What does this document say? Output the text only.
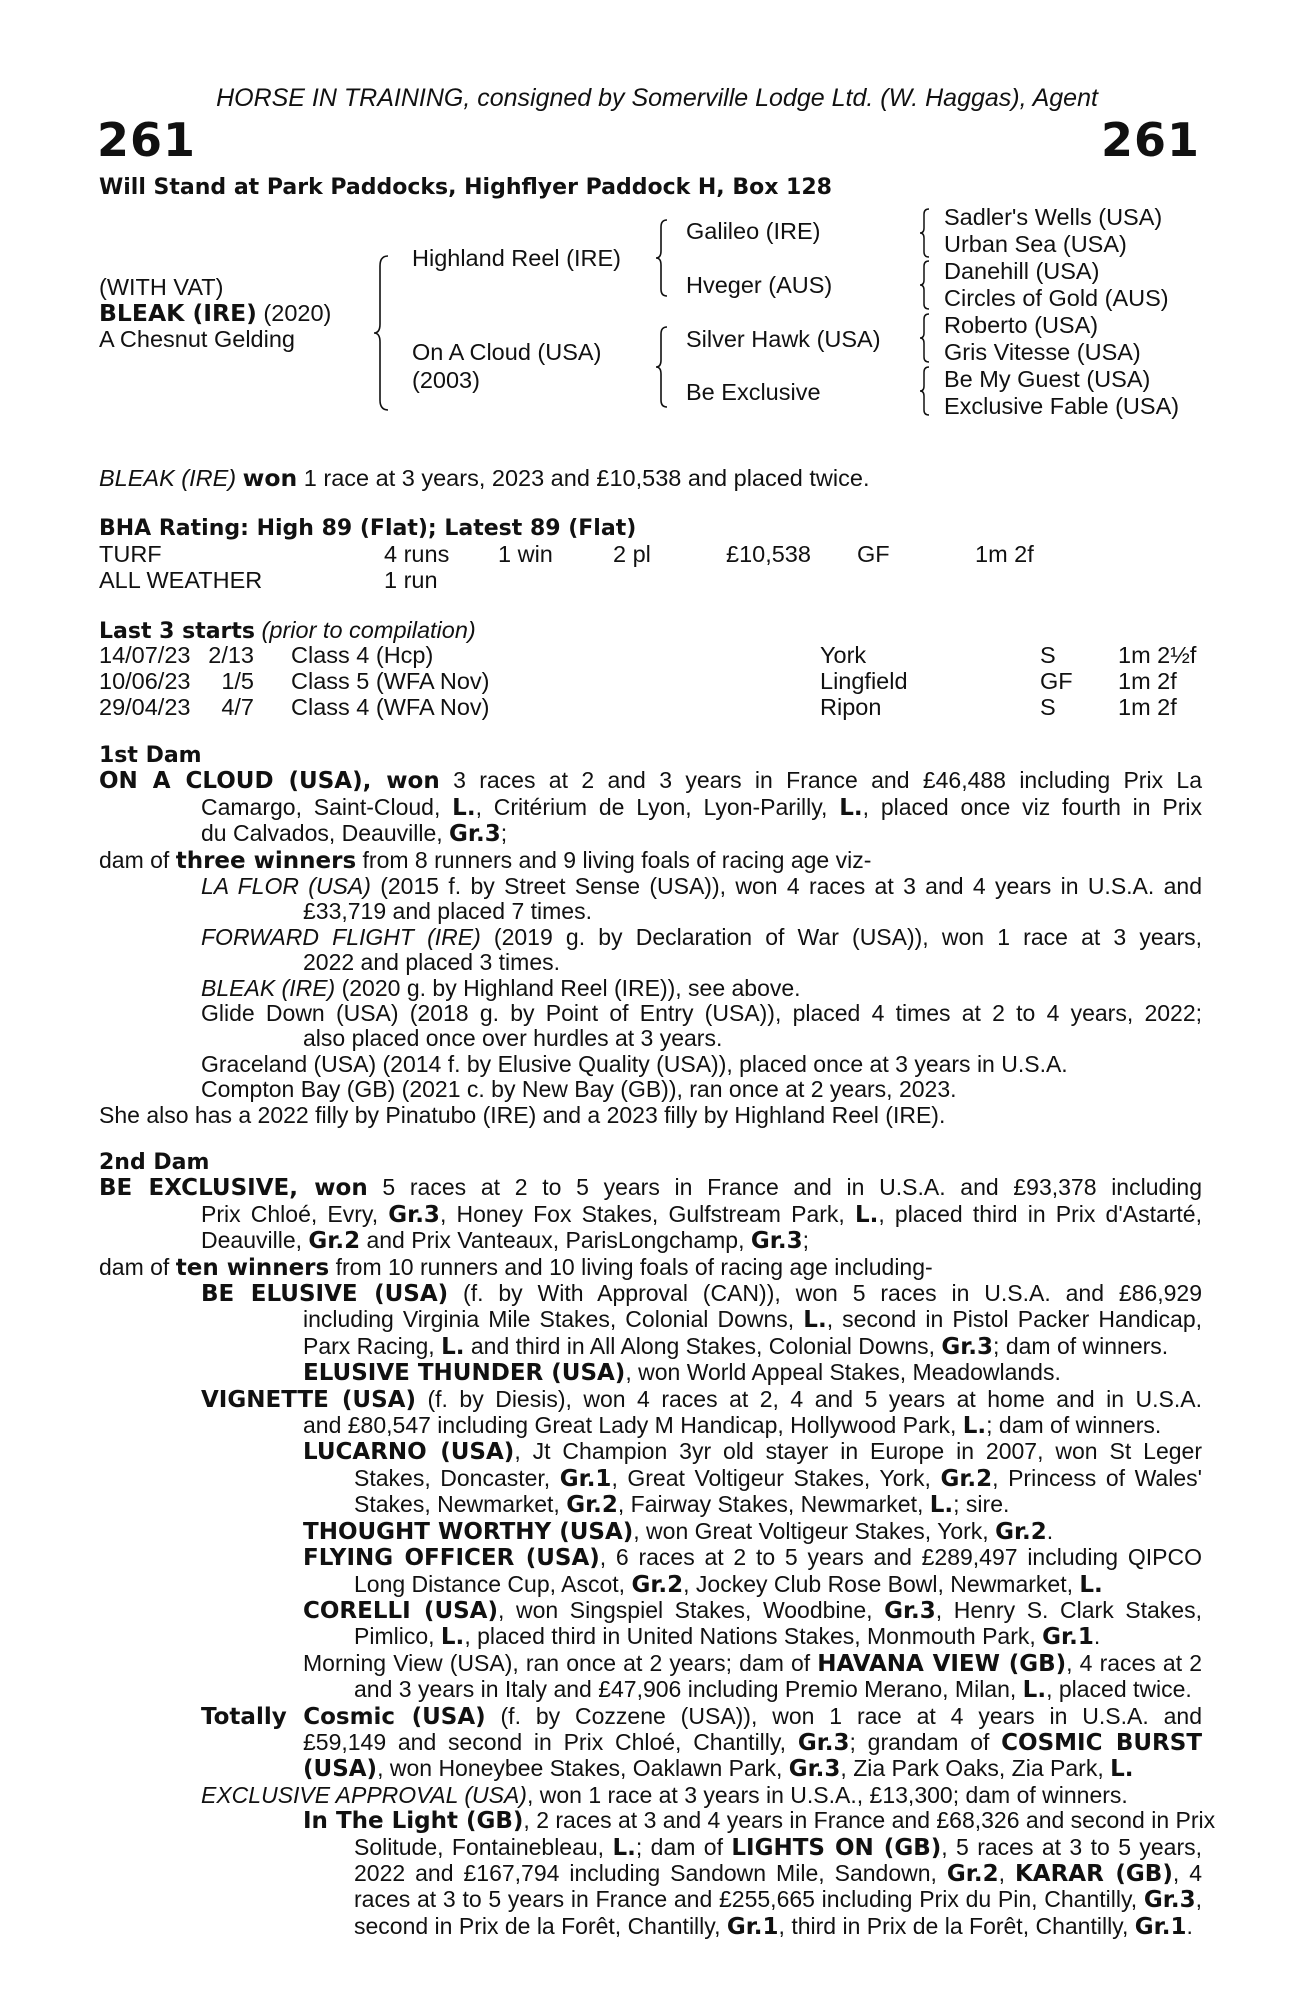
HORSE IN TRAINING, consigned by Somerville Lodge Ltd. (W. Haggas), Agent
261	261
Will Stand at Park Paddocks, Highflyer Paddock H, Box 128
(WITH VAT)
BLEAK (IRE) (2020)
A Chesnut Gelding
Highland Reel (IRE)
On A Cloud (USA)
(2003)
Galileo (IRE)
Hveger (AUS)
Silver Hawk (USA)
Be Exclusive
Sadler's Wells (USA)
Urban Sea (USA)
Danehill (USA)
Circles of Gold (AUS)
Roberto (USA)
Gris Vitesse (USA)
Be My Guest (USA)
Exclusive Fable (USA)
BLEAK (IRE) won 1 race at 3 years, 2023 and £10,538 and placed twice.
BHA Rating: High 89 (Flat); Latest 89 (Flat)
TURF	4 runs 1 win	2 pl	£10,538 GF	1m 2f
ALL WEATHER	1 run
Last 3 starts (prior to compilation)
14/07/23 2/13 Class 4 (Hcp)	York	S	1m 2½f
10/06/23 1/5 Class 5 (WFA Nov)	Lingfield	GF 1m 2f
29/04/23 4/7 Class 4 (WFA Nov)	Ripon	S	1m 2f
1st Dam
ON A CLOUD (USA), won 3 races at 2 and 3 years in France and £46,488 including Prix La
Camargo, Saint-Cloud, L., Critérium de Lyon, Lyon-Parilly, L., placed once viz fourth in Prix
du Calvados, Deauville, Gr.3;
dam of three winners from 8 runners and 9 living foals of racing age viz-
LA FLOR (USA) (2015 f. by Street Sense (USA)), won 4 races at 3 and 4 years in U.S.A. and
£33,719 and placed 7 times.
FORWARD FLIGHT (IRE) (2019 g. by Declaration of War (USA)), won 1 race at 3 years,
2022 and placed 3 times.
BLEAK (IRE) (2020 g. by Highland Reel (IRE)), see above.
Glide Down (USA) (2018 g. by Point of Entry (USA)), placed 4 times at 2 to 4 years, 2022;
also placed once over hurdles at 3 years.
Graceland (USA) (2014 f. by Elusive Quality (USA)), placed once at 3 years in U.S.A.
Compton Bay (GB) (2021 c. by New Bay (GB)), ran once at 2 years, 2023.
She also has a 2022 filly by Pinatubo (IRE) and a 2023 filly by Highland Reel (IRE).
2nd Dam
BE EXCLUSIVE, won 5 races at 2 to 5 years in France and in U.S.A. and £93,378 including
Prix Chloé, Evry, Gr.3, Honey Fox Stakes, Gulfstream Park, L., placed third in Prix d'Astarté,
Deauville, Gr.2 and Prix Vanteaux, ParisLongchamp, Gr.3;
dam of ten winners from 10 runners and 10 living foals of racing age including-
BE ELUSIVE (USA) (f. by With Approval (CAN)), won 5 races in U.S.A. and £86,929
including Virginia Mile Stakes, Colonial Downs, L., second in Pistol Packer Handicap,
Parx Racing, L. and third in All Along Stakes, Colonial Downs, Gr.3; dam of winners.
ELUSIVE THUNDER (USA), won World Appeal Stakes, Meadowlands.
VIGNETTE (USA) (f. by Diesis), won 4 races at 2, 4 and 5 years at home and in U.S.A.
and £80,547 including Great Lady M Handicap, Hollywood Park, L.; dam of winners.
LUCARNO (USA), Jt Champion 3yr old stayer in Europe in 2007, won St Leger
Stakes, Doncaster, Gr.1, Great Voltigeur Stakes, York, Gr.2, Princess of Wales'
Stakes, Newmarket, Gr.2, Fairway Stakes, Newmarket, L.; sire.
THOUGHT WORTHY (USA), won Great Voltigeur Stakes, York, Gr.2.
FLYING OFFICER (USA), 6 races at 2 to 5 years and £289,497 including QIPCO
Long Distance Cup, Ascot, Gr.2, Jockey Club Rose Bowl, Newmarket, L.
CORELLI (USA), won Singspiel Stakes, Woodbine, Gr.3, Henry S. Clark Stakes,
Pimlico, L., placed third in United Nations Stakes, Monmouth Park, Gr.1.
Morning View (USA), ran once at 2 years; dam of HAVANA VIEW (GB), 4 races at 2
and 3 years in Italy and £47,906 including Premio Merano, Milan, L., placed twice.
Totally Cosmic (USA) (f. by Cozzene (USA)), won 1 race at 4 years in U.S.A. and
£59,149 and second in Prix Chloé, Chantilly, Gr.3; grandam of COSMIC BURST
(USA), won Honeybee Stakes, Oaklawn Park, Gr.3, Zia Park Oaks, Zia Park, L.
EXCLUSIVE APPROVAL (USA), won 1 race at 3 years in U.S.A., £13,300; dam of winners.
In The Light (GB), 2 races at 3 and 4 years in France and £68,326 and second in Prix
Solitude, Fontainebleau, L.; dam of LIGHTS ON (GB), 5 races at 3 to 5 years,
2022 and £167,794 including Sandown Mile, Sandown, Gr.2, KARAR (GB), 4
races at 3 to 5 years in France and £255,665 including Prix du Pin, Chantilly, Gr.3,
second in Prix de la Forêt, Chantilly, Gr.1, third in Prix de la Forêt, Chantilly, Gr.1.
